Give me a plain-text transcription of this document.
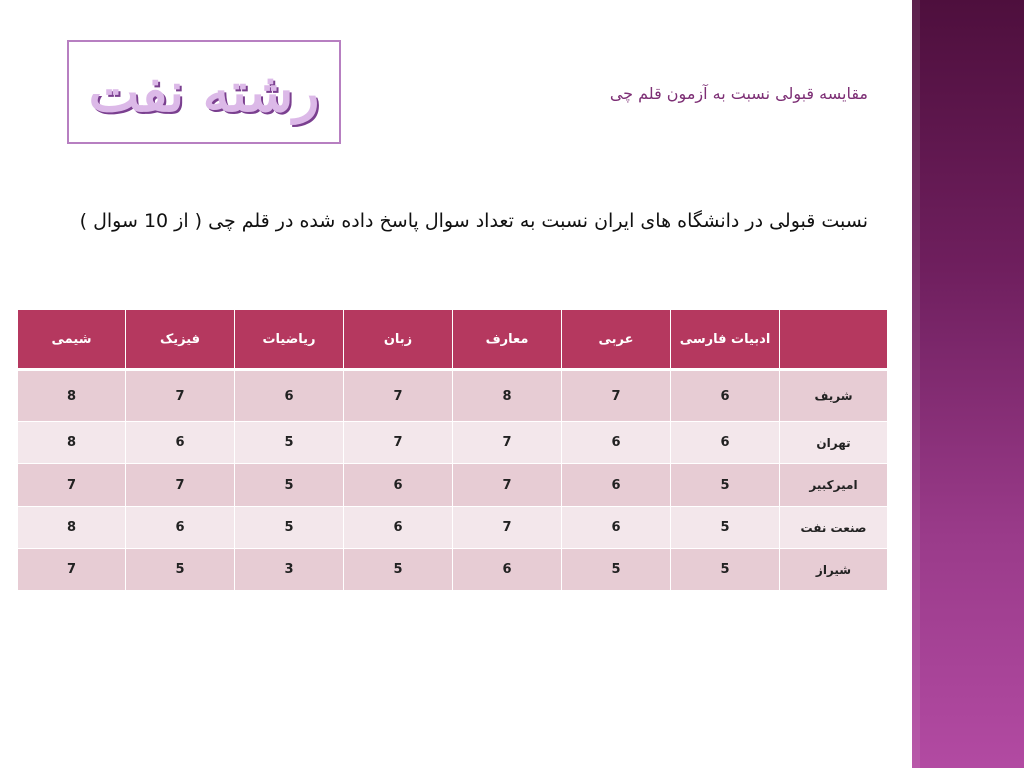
رشته نفت	مقایسه قبولی نسبت به آزمون قلم چی
نسبت قبولی در دانشگاه های ایران نسبت به تعداد سوال پاسخ داده شده در قلم چی ( از 10 سوال )
	ادبیات فارسی	عربی	معارف	زبان	ریاضیات	فیزیک	شیمی
شریف	6	7	8	7	6	7	8
تهران	6	6	7	7	5	6	8
امیرکبیر	5	6	7	6	5	7	7
صنعت نفت	5	6	7	6	5	6	8
شیراز	5	5	6	5	3	5	7
